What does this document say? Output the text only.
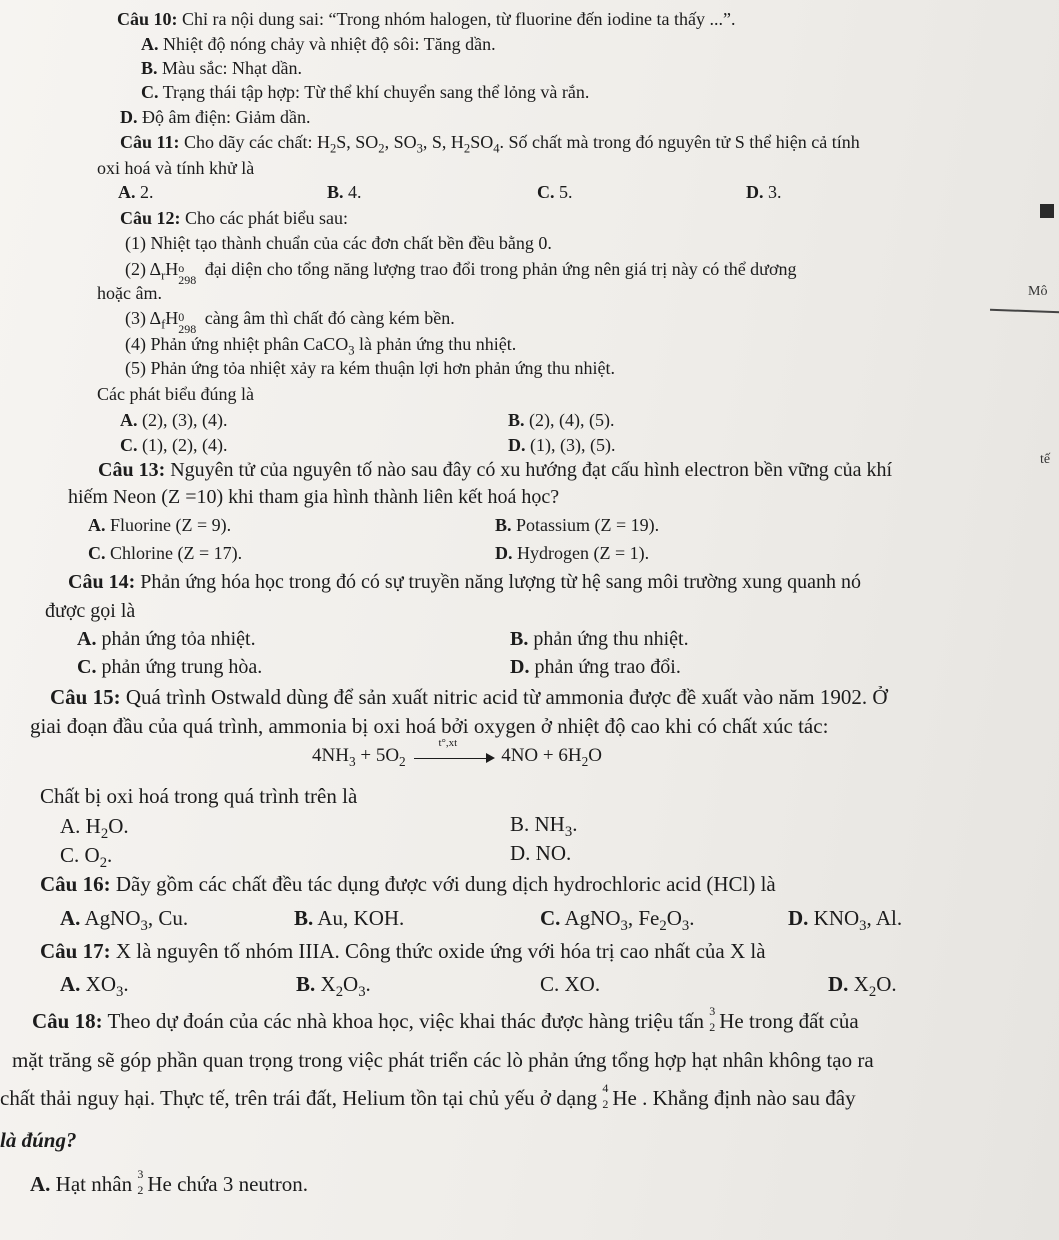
Câu 10: Chỉ ra nội dung sai: “Trong nhóm halogen, từ fluorine đến iodine ta thấy ...”.
A. Nhiệt độ nóng chảy và nhiệt độ sôi: Tăng dần.
B. Màu sắc: Nhạt dần.
C. Trạng thái tập hợp: Từ thể khí chuyển sang thể lỏng và rắn.
D. Độ âm điện: Giảm dần.
Câu 11: Cho dãy các chất: $H_2S$, $SO_2$, $SO_3$, S, $H_2SO_4$. Số chất mà trong đó nguyên tử S thể hiện cả tính
oxi hoá và tính khử là
A. 2.	B. 4.	C. 5.	D. 3.
Câu 12: Cho các phát biểu sau:
(1) Nhiệt tạo thành chuẩn của các đơn chất bền đều bằng 0.
(2) $\Delta_rH$ o
298
đại diện cho tổng năng lượng trao đổi trong phản ứng nên giá trị này có thể dương
hoặc âm.
(3) $\Delta_fH$ 0
298
càng âm thì chất đó càng kém bền.
(4) Phản ứng nhiệt phân CaCO$_3$ là phản ứng thu nhiệt.
(5) Phản ứng tỏa nhiệt xảy ra kém thuận lợi hơn phản ứng thu nhiệt.
Các phát biểu đúng là
A. (2), (3), (4).	B. (2), (4), (5).
C. (1), (2), (4).	D. (1), (3), (5).
Câu 13: Nguyên tử của nguyên tố nào sau đây có xu hướng đạt cấu hình electron bền vững của khí
hiếm Neon (Z =10) khi tham gia hình thành liên kết hoá học?
A. Fluorine (Z = 9).	B. Potassium (Z = 19).
C. Chlorine (Z = 17).	D. Hydrogen (Z = 1).
Câu 14: Phản ứng hóa học trong đó có sự truyền năng lượng từ hệ sang môi trường xung quanh nó
được gọi là
A. phản ứng tỏa nhiệt.	B. phản ứng thu nhiệt.
C. phản ứng trung hòa.	D. phản ứng trao đổi.
Câu 15: Quá trình Ostwald dùng để sản xuất nitric acid từ ammonia được đề xuất vào năm 1902. Ở
giai đoạn đầu của quá trình, ammonia bị oxi hoá bởi oxygen ở nhiệt độ cao khi có chất xúc tác:
$4NH_3 + 5O_2$
t°,xt
$4NO + 6H_2O$
Chất bị oxi hoá trong quá trình trên là
A. $H_2O$.	B. $NH_3$.
C. $O_2$.	D. NO.
Câu 16: Dãy gồm các chất đều tác dụng được với dung dịch hydrochloric acid (HCl) là
A. AgNO$_3$, Cu.	B. Au, KOH.	C. AgNO$_3$, $Fe_2O_3$.	D. $KNO_3$, Al.
Câu 17: X là nguyên tố nhóm IIIA. Công thức oxide ứng với hóa trị cao nhất của X là
A. $XO_3$.	B. $X_2O_3$.	C. XO.	D. $X_2O$.
Câu 18: Theo dự đoán của các nhà khoa học, việc khai thác được hàng triệu tấn 3
2 He trong đất của
mặt trăng sẽ góp phần quan trọng trong việc phát triển các lò phản ứng tổng hợp hạt nhân không tạo ra
chất thải nguy hại. Thực tế, trên trái đất, Helium tồn tại chủ yếu ở dạng 4
2 He . Khẳng định nào sau đây
là đúng?
A. Hạt nhân 3
2 He chứa 3 neutron.
Mô
tế
